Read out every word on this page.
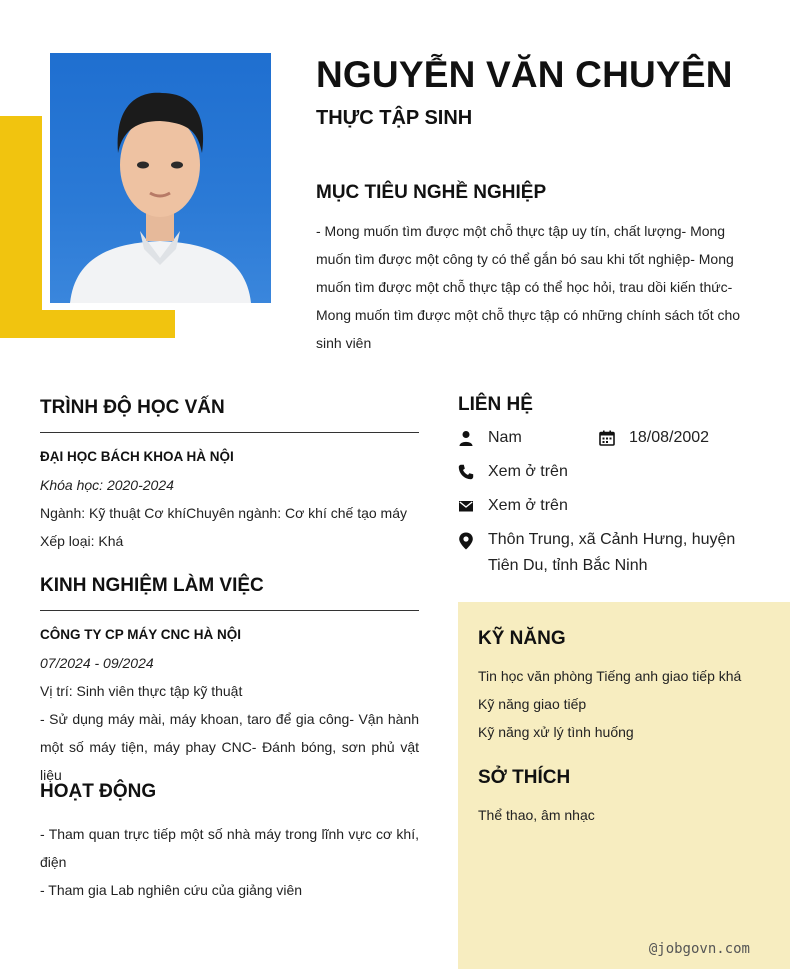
NGUYỄN VĂN CHUYÊN
THỰC TẬP SINH
MỤC TIÊU NGHỀ NGHIỆP
- Mong muốn tìm được một chỗ thực tập uy tín, chất lượng- Mong muốn tìm được một công ty có thể gắn bó sau khi tốt nghiệp- Mong muốn tìm được một chỗ thực tập có thể học hỏi, trau dồi kiến thức- Mong muốn tìm được một chỗ thực tập có những chính sách tốt cho sinh viên
TRÌNH ĐỘ HỌC VẤN
ĐẠI HỌC BÁCH KHOA HÀ NỘI
Khóa học: 2020-2024
Ngành: Kỹ thuật Cơ khíChuyên ngành: Cơ khí chế tạo máy
Xếp loại: Khá
KINH NGHIỆM LÀM VIỆC
CÔNG TY CP MÁY CNC HÀ NỘI
07/2024 - 09/2024
Vị trí: Sinh viên thực tập kỹ thuật
- Sử dụng máy mài, máy khoan, taro để gia công- Vận hành một số máy tiện, máy phay CNC- Đánh bóng, sơn phủ vật liệu
HOẠT ĐỘNG
- Tham quan trực tiếp một số nhà máy trong lĩnh vực cơ khí, điện
- Tham gia Lab nghiên cứu của giảng viên
LIÊN HỆ
Nam	18/08/2002
Xem ở trên
Xem ở trên
Thôn Trung, xã Cảnh Hưng, huyện Tiên Du, tỉnh Bắc Ninh
KỸ NĂNG
Tin học văn phòng Tiếng anh giao tiếp khá
Kỹ năng giao tiếp
Kỹ năng xử lý tình huống
SỞ THÍCH
Thể thao, âm nhạc
@jobgovn.com
